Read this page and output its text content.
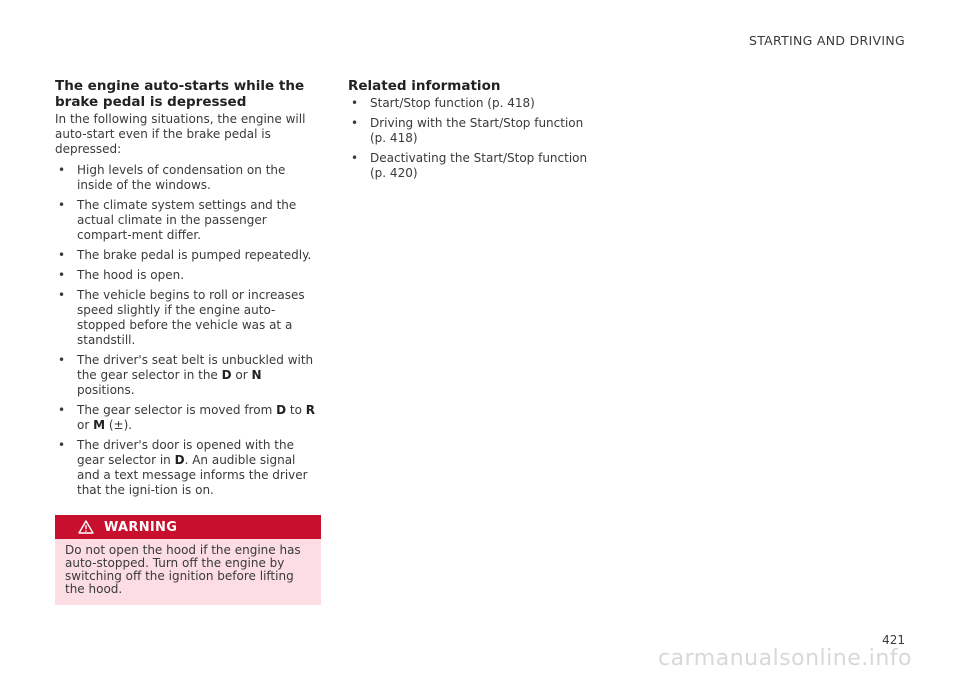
STARTING AND DRIVING
The engine auto-starts while the brake pedal is depressed

In the following situations, the engine will auto-start even if the brake pedal is depressed:

• High levels of condensation on the inside of the windows.
• The climate system settings and the actual climate in the passenger compart-ment differ.
• The brake pedal is pumped repeatedly.
• The hood is open.
• The vehicle begins to roll or increases speed slightly if the engine auto-stopped before the vehicle was at a standstill.
• The driver's seat belt is unbuckled with the gear selector in the D or N positions.
• The gear selector is moved from D to R or M (±).
• The driver's door is opened with the gear selector in D. An audible signal and a text message informs the driver that the igni-tion is on.
WARNING
Do not open the hood if the engine has auto-stopped. Turn off the engine by switching off the ignition before lifting the hood.
Related information
• Start/Stop function (p. 418)
• Driving with the Start/Stop function (p. 418)
• Deactivating the Start/Stop function (p. 420)
421
carmanualsonline.info
